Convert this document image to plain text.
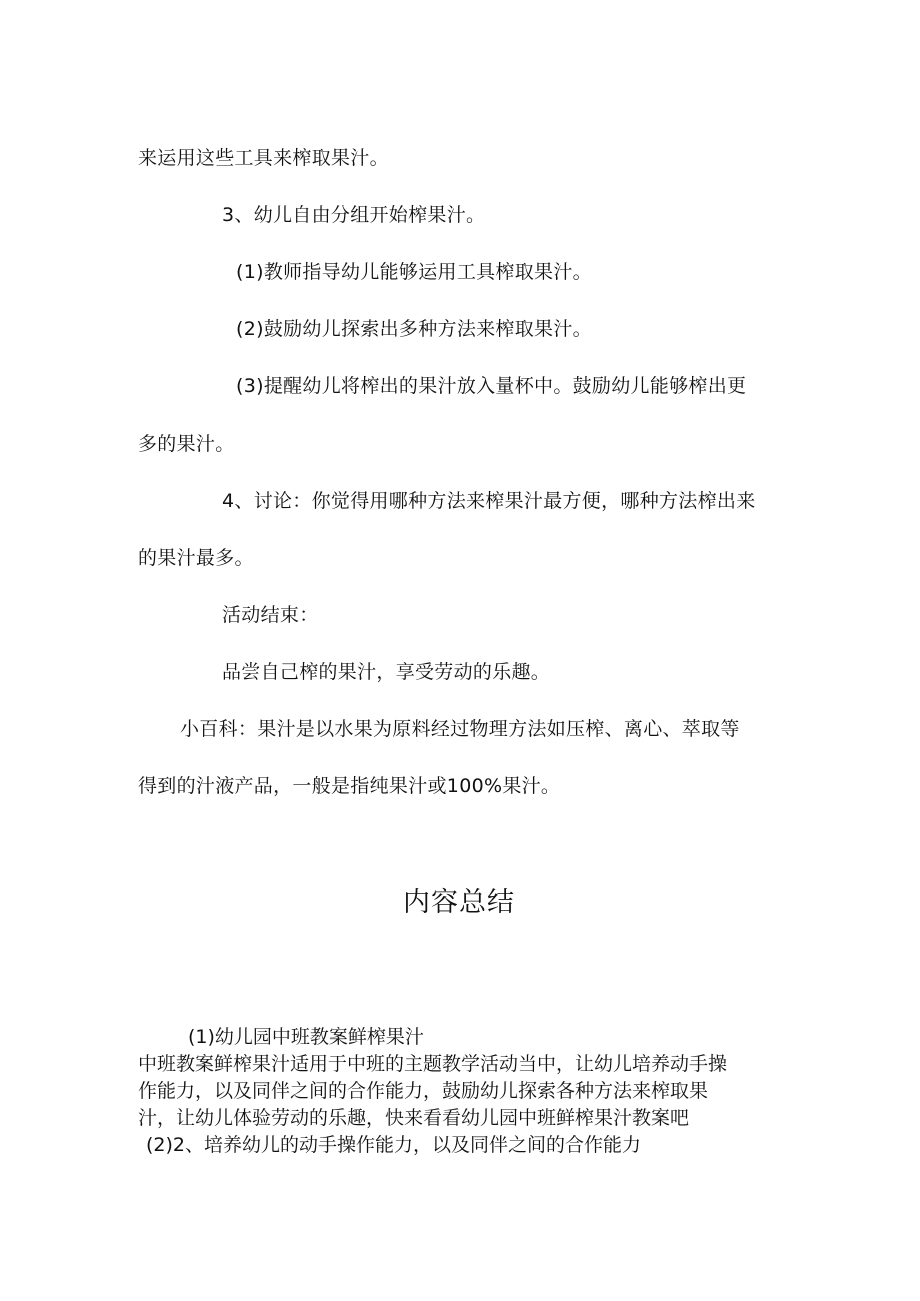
来运用这些工具来榨取果汁。
3、幼儿自由分组开始榨果汁。
(1)教师指导幼儿能够运用工具榨取果汁。
(2)鼓励幼儿探索出多种方法来榨取果汁。
(3)提醒幼儿将榨出的果汁放入量杯中。鼓励幼儿能够榨出更
多的果汁。
4、讨论：你觉得用哪种方法来榨果汁最方便，哪种方法榨出来
的果汁最多。
活动结束：
品尝自己榨的果汁，享受劳动的乐趣。
小百科：果汁是以水果为原料经过物理方法如压榨、离心、萃取等
得到的汁液产品，一般是指纯果汁或100%果汁。
内容总结
(1)幼儿园中班教案鲜榨果汁
中班教案鲜榨果汁适用于中班的主题教学活动当中，让幼儿培养动手操
作能力，以及同伴之间的合作能力，鼓励幼儿探索各种方法来榨取果
汁，让幼儿体验劳动的乐趣，快来看看幼儿园中班鲜榨果汁教案吧
(2)2、培养幼儿的动手操作能力，以及同伴之间的合作能力
